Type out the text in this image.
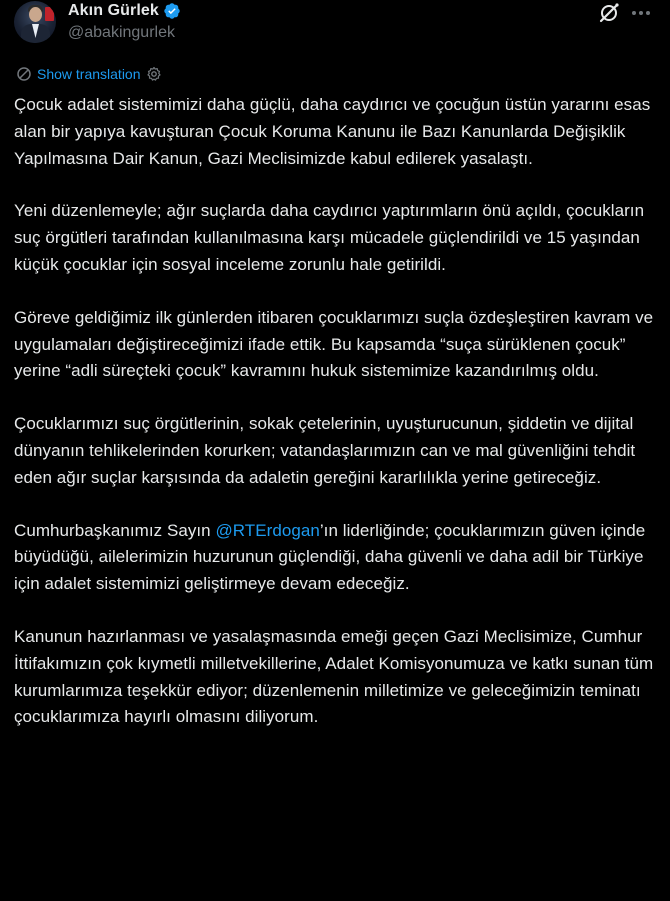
Akın Gürlek
@abakingurlek
Show translation

Çocuk adalet sistemimizi daha güçlü, daha caydırıcı ve çocuğun üstün yararını esas alan bir yapıya kavuşturan Çocuk Koruma Kanunu ile Bazı Kanunlarda Değişiklik Yapılmasına Dair Kanun, Gazi Meclisimizde kabul edilerek yasalaştı.

Yeni düzenlemeyle; ağır suçlarda daha caydırıcı yaptırımların önü açıldı, çocukların suç örgütleri tarafından kullanılmasına karşı mücadele güçlendirildi ve 15 yaşından küçük çocuklar için sosyal inceleme zorunlu hale getirildi.

Göreve geldiğimiz ilk günlerden itibaren çocuklarımızı suçla özdeşleştiren kavram ve uygulamaları değiştireceğimizi ifade ettik. Bu kapsamda “suça sürüklenen çocuk” yerine “adli süreçteki çocuk” kavramını hukuk sistemimize kazandırılmış oldu.

Çocuklarımızı suç örgütlerinin, sokak çetelerinin, uyuşturucunun, şiddetin ve dijital dünyanın tehlikelerinden korurken; vatandaşlarımızın can ve mal güvenliğini tehdit eden ağır suçlar karşısında da adaletin gereğini kararlılıkla yerine getireceğiz.

Cumhurbaşkanımız Sayın @RTErdogan’ın liderliğinde; çocuklarımızın güven içinde büyüdüğü, ailelerimizin huzurunun güçlendiği, daha güvenli ve daha adil bir Türkiye için adalet sistemimizi geliştirmeye devam edeceğiz.

Kanunun hazırlanması ve yasalaşmasında emeği geçen Gazi Meclisimize, Cumhur İttifakımızın çok kıymetli milletvekillerine, Adalet Komisyonumuza ve katkı sunan tüm kurumlarımıza teşekkür ediyor; düzenlemenin milletimize ve geleceğimizin teminatı çocuklarımıza hayırlı olmasını diliyorum.
